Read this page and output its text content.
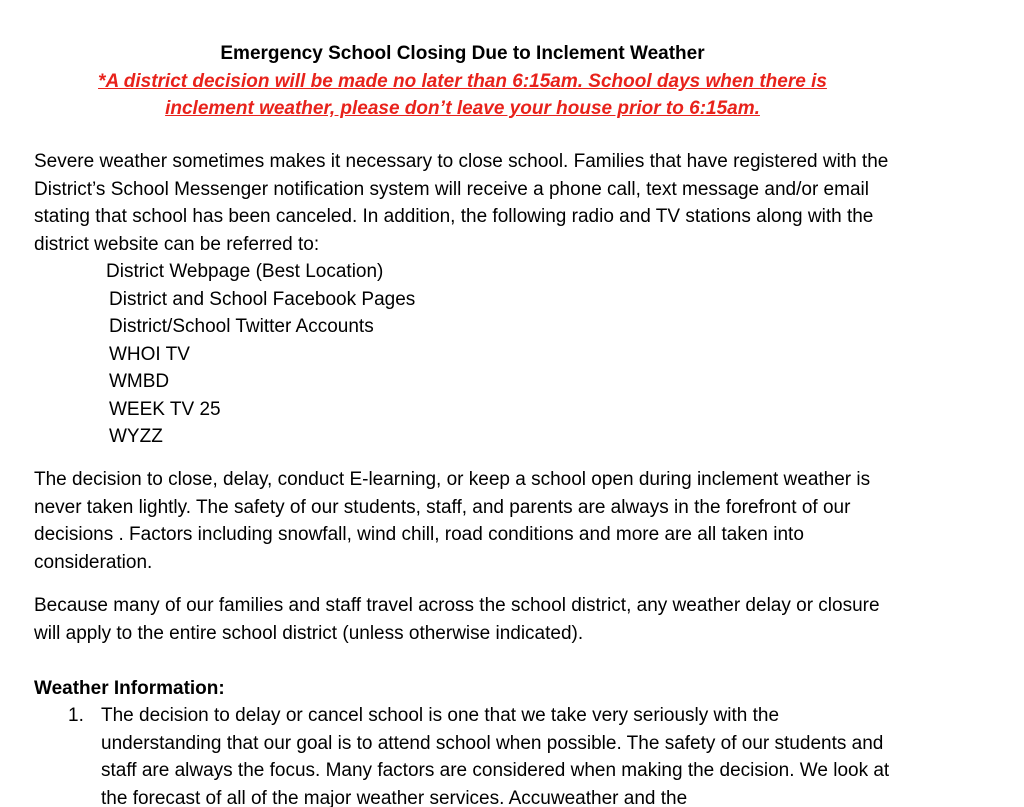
Emergency School Closing Due to Inclement Weather
*A district decision will be made no later than 6:15am. School days when there is inclement weather, please don’t leave your house prior to 6:15am.

Severe weather sometimes makes it necessary to close school. Families that have registered with the District’s School Messenger notification system will receive a phone call, text message and/or email stating that school has been canceled. In addition, the following radio and TV stations along with the district website can be referred to:

District Webpage (Best Location)
District and School Facebook Pages
District/School Twitter Accounts
WHOI TV
WMBD
WEEK TV 25
WYZZ

The decision to close, delay, conduct E-learning, or keep a school open during inclement weather is never taken lightly. The safety of our students, staff, and parents are always in the forefront of our decisions . Factors including snowfall, wind chill, road conditions and more are all taken into consideration.

Because many of our families and staff travel across the school district, any weather delay or closure will apply to the entire school district (unless otherwise indicated).

Weather Information:
1. The decision to delay or cancel school is one that we take very seriously with the understanding that our goal is to attend school when possible. The safety of our students and staff are always the focus. Many factors are considered when making the decision. We look at the forecast of all of the major weather services. Accuweather and the
